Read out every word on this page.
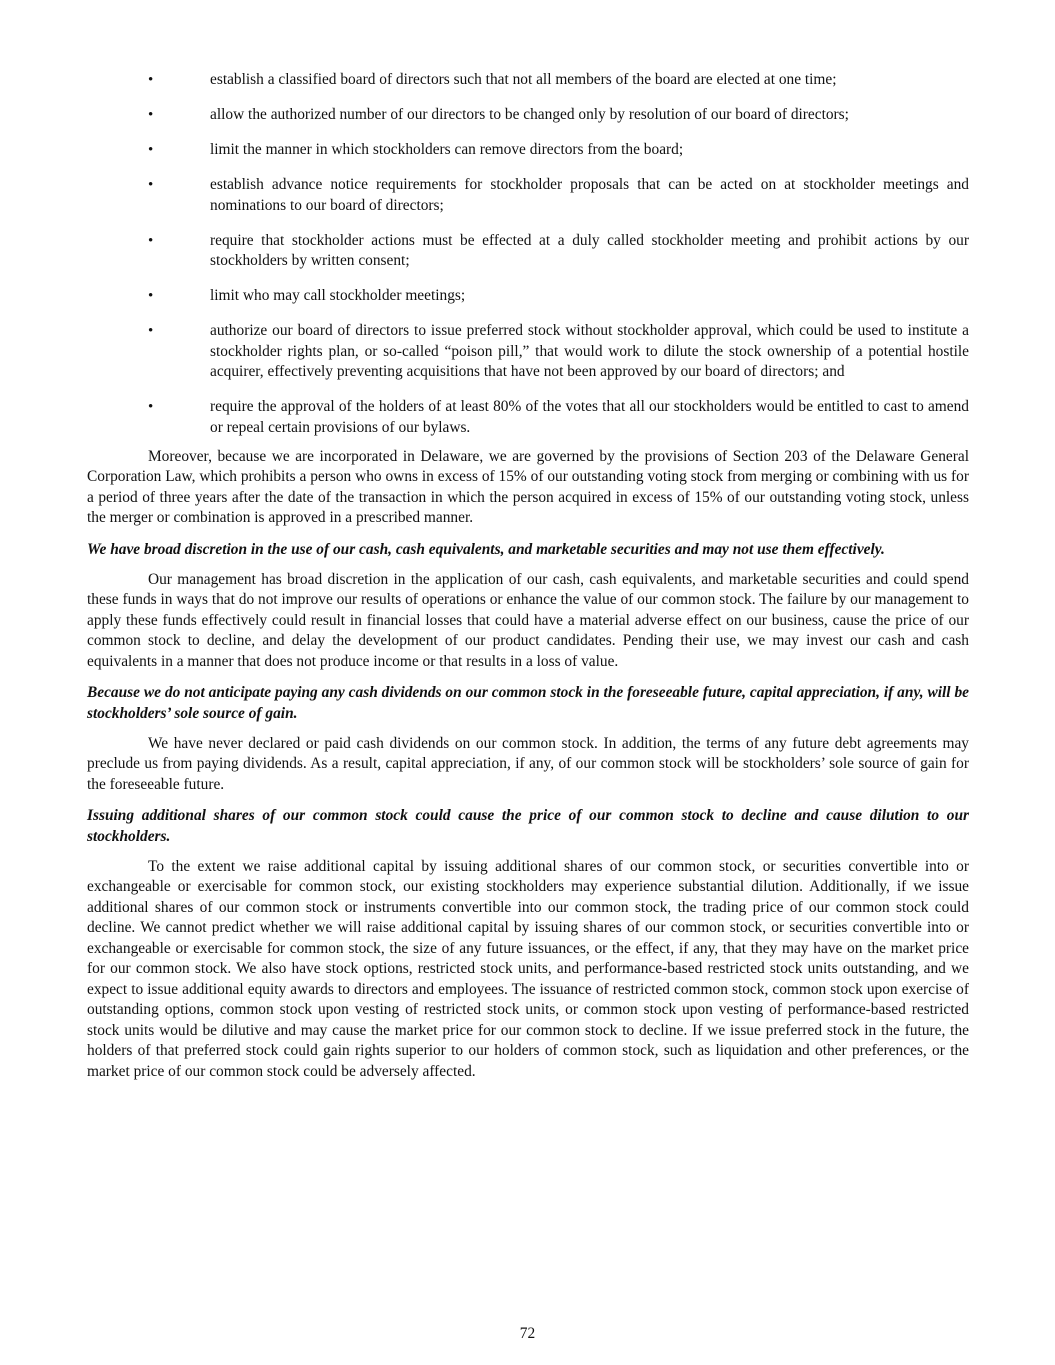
•	establish a classified board of directors such that not all members of the board are elected at one time;
•	allow the authorized number of our directors to be changed only by resolution of our board of directors;
•	limit the manner in which stockholders can remove directors from the board;
•	establish advance notice requirements for stockholder proposals that can be acted on at stockholder meetings and nominations to our board of directors;
•	require that stockholder actions must be effected at a duly called stockholder meeting and prohibit actions by our stockholders by written consent;
•	limit who may call stockholder meetings;
•	authorize our board of directors to issue preferred stock without stockholder approval, which could be used to institute a stockholder rights plan, or so-called “poison pill,” that would work to dilute the stock ownership of a potential hostile acquirer, effectively preventing acquisitions that have not been approved by our board of directors; and
•	require the approval of the holders of at least 80% of the votes that all our stockholders would be entitled to cast to amend or repeal certain provisions of our bylaws.

Moreover, because we are incorporated in Delaware, we are governed by the provisions of Section 203 of the Delaware General Corporation Law, which prohibits a person who owns in excess of 15% of our outstanding voting stock from merging or combining with us for a period of three years after the date of the transaction in which the person acquired in excess of 15% of our outstanding voting stock, unless the merger or combination is approved in a prescribed manner.

We have broad discretion in the use of our cash, cash equivalents, and marketable securities and may not use them effectively.

Our management has broad discretion in the application of our cash, cash equivalents, and marketable securities and could spend these funds in ways that do not improve our results of operations or enhance the value of our common stock. The failure by our management to apply these funds effectively could result in financial losses that could have a material adverse effect on our business, cause the price of our common stock to decline, and delay the development of our product candidates. Pending their use, we may invest our cash and cash equivalents in a manner that does not produce income or that results in a loss of value.

Because we do not anticipate paying any cash dividends on our common stock in the foreseeable future, capital appreciation, if any, will be stockholders’ sole source of gain.

We have never declared or paid cash dividends on our common stock. In addition, the terms of any future debt agreements may preclude us from paying dividends. As a result, capital appreciation, if any, of our common stock will be stockholders’ sole source of gain for the foreseeable future.

Issuing additional shares of our common stock could cause the price of our common stock to decline and cause dilution to our stockholders.

To the extent we raise additional capital by issuing additional shares of our common stock, or securities convertible into or exchangeable or exercisable for common stock, our existing stockholders may experience substantial dilution. Additionally, if we issue additional shares of our common stock or instruments convertible into our common stock, the trading price of our common stock could decline. We cannot predict whether we will raise additional capital by issuing shares of our common stock, or securities convertible into or exchangeable or exercisable for common stock, the size of any future issuances, or the effect, if any, that they may have on the market price for our common stock. We also have stock options, restricted stock units, and performance-based restricted stock units outstanding, and we expect to issue additional equity awards to directors and employees. The issuance of restricted common stock, common stock upon exercise of outstanding options, common stock upon vesting of restricted stock units, or common stock upon vesting of performance-based restricted stock units would be dilutive and may cause the market price for our common stock to decline. If we issue preferred stock in the future, the holders of that preferred stock could gain rights superior to our holders of common stock, such as liquidation and other preferences, or the market price of our common stock could be adversely affected.

72
